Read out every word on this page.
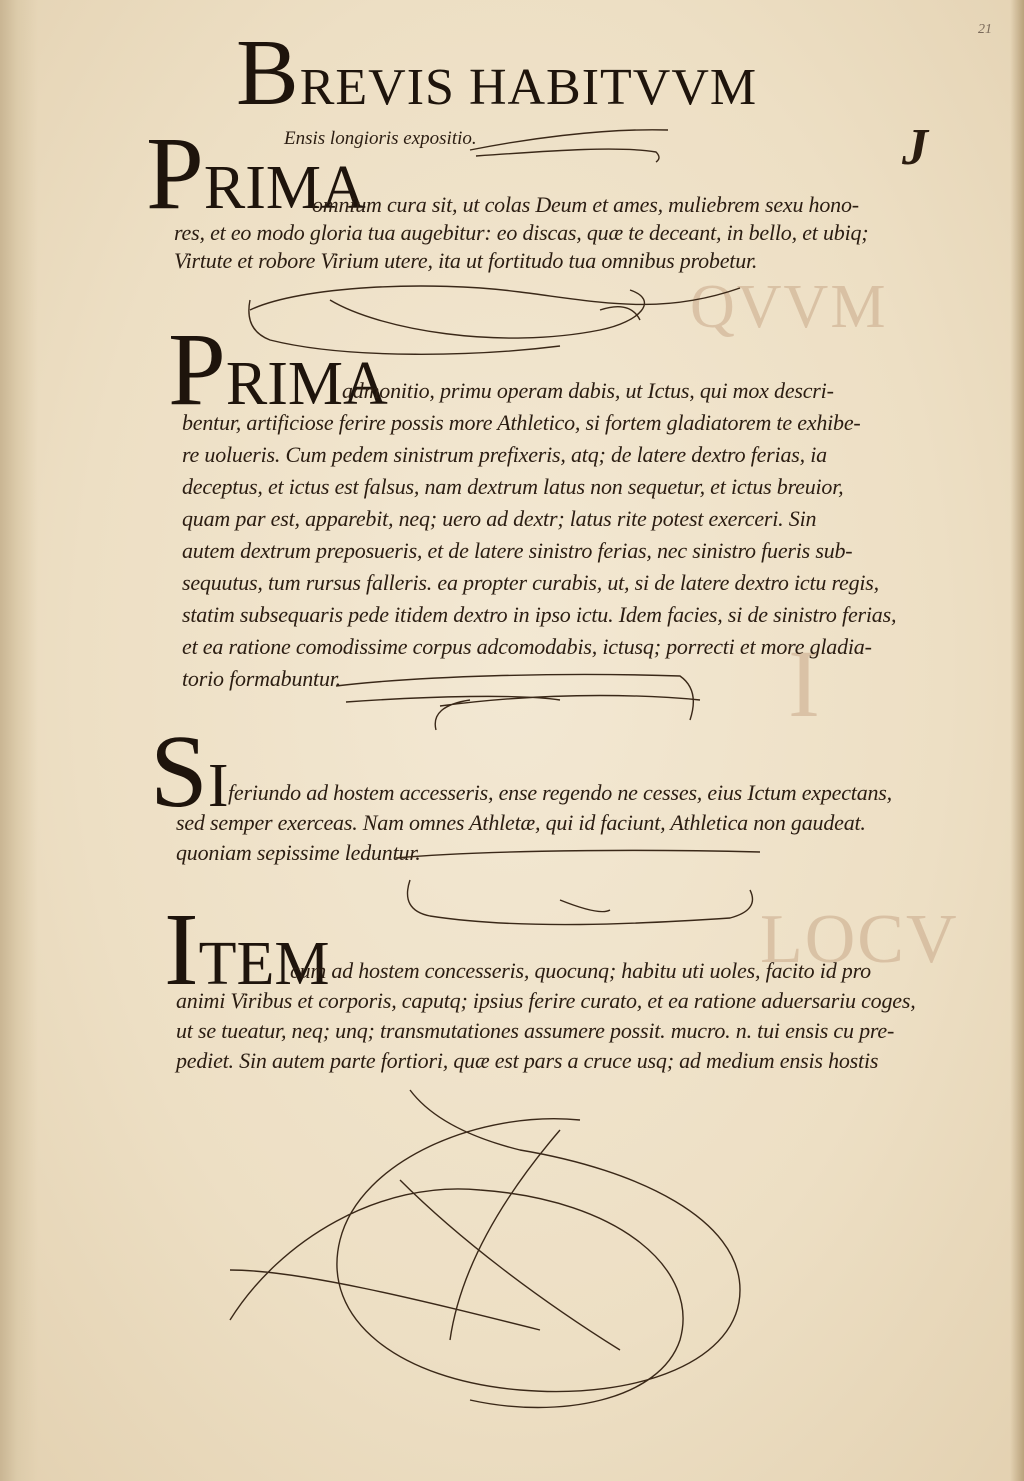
QVVM
I
LOCV
21
J
BREVIS HABITVVM
Ensis longioris expositio.
PRIMA
omnium cura sit, ut colas Deum et ames, muliebrem sexu hono-
res, et eo modo gloria tua augebitur: eo discas, quæ te deceant, in bello, et ubiq;
Virtute et robore Virium utere, ita ut fortitudo tua omnibus probetur.
PRIMA
admonitio, primu operam dabis, ut Ictus, qui mox descri-
bentur, artificiose ferire possis more Athletico, si fortem gladiatorem te exhibe-
re uolueris. Cum pedem sinistrum prefixeris, atq; de latere dextro ferias, ia
deceptus, et ictus est falsus, nam dextrum latus non sequetur, et ictus breuior,
quam par est, apparebit, neq; uero ad dextr; latus rite potest exerceri. Sin
autem dextrum preposueris, et de latere sinistro ferias, nec sinistro fueris sub-
sequutus, tum rursus falleris. ea propter curabis, ut, si de latere dextro ictu regis,
statim subsequaris pede itidem dextro in ipso ictu. Idem facies, si de sinistro ferias,
et ea ratione comodissime corpus adcomodabis, ictusq; porrecti et more gladia-
torio formabuntur.
SI feriundo ad hostem accesseris, ense regendo ne cesses, eius Ictum expectans,
sed semper exerceas. Nam omnes Athletæ, qui id faciunt, Athletica non gaudeat.
quoniam sepissime leduntur.
ITEM
cum ad hostem concesseris, quocunq; habitu uti uoles, facito id pro
animi Viribus et corporis, caputq; ipsius ferire curato, et ea ratione aduersariu coges,
ut se tueatur, neq; unq; transmutationes assumere possit. mucro. n. tui ensis cu pre-
pediet. Sin autem parte fortiori, quæ est pars a cruce usq; ad medium ensis hostis
